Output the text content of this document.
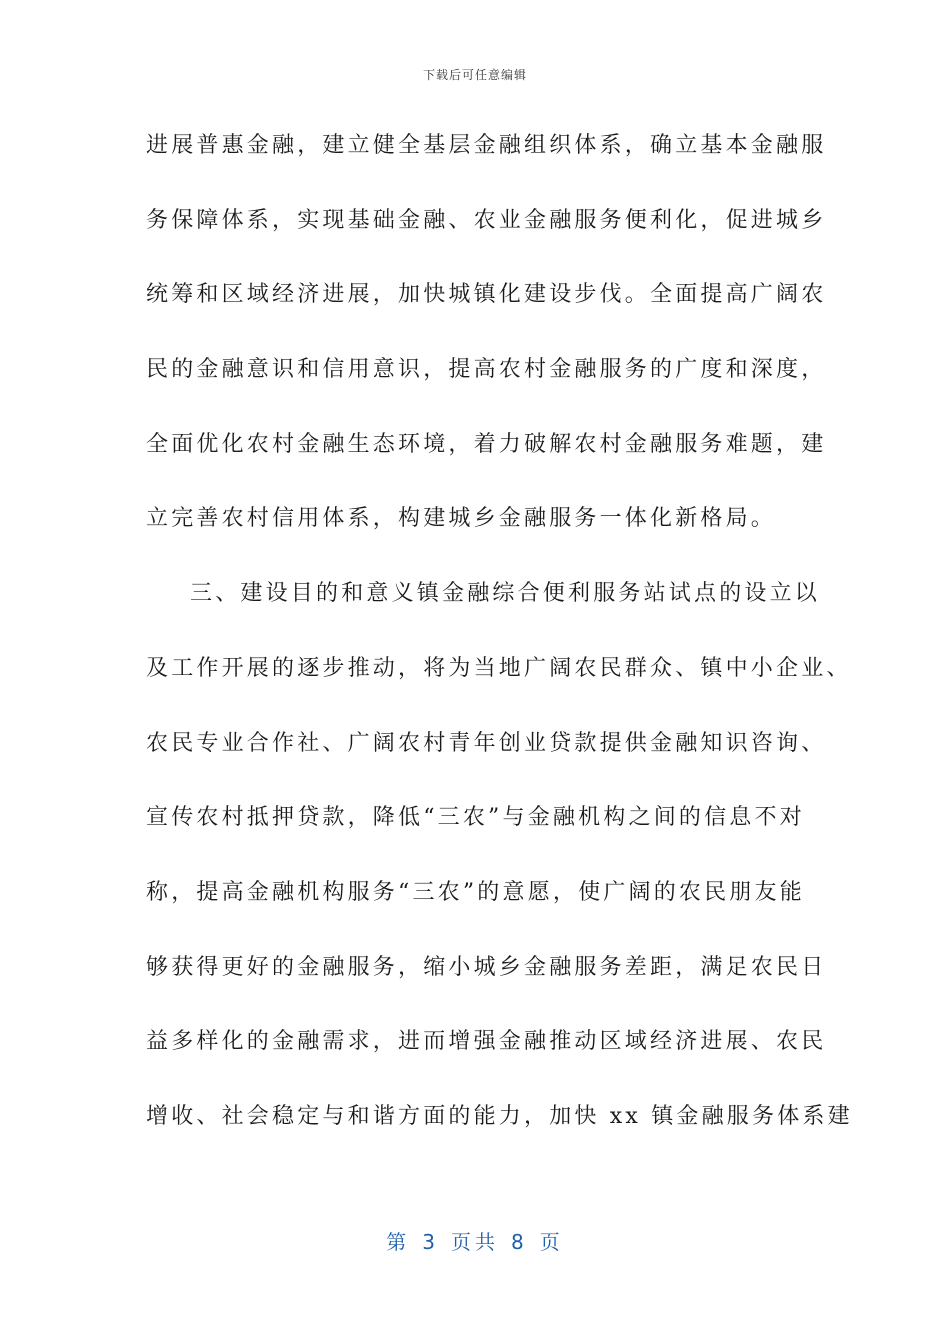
下载后可任意编辑
进展普惠金融，建立健全基层金融组织体系，确立基本金融服
务保障体系，实现基础金融、农业金融服务便利化，促进城乡
统筹和区域经济进展，加快城镇化建设步伐。全面提高广阔农
民的金融意识和信用意识，提高农村金融服务的广度和深度，
全面优化农村金融生态环境，着力破解农村金融服务难题，建
立完善农村信用体系，构建城乡金融服务一体化新格局。
三、建设目的和意义镇金融综合便利服务站试点的设立以
及工作开展的逐步推动，将为当地广阔农民群众、镇中小企业、
农民专业合作社、广阔农村青年创业贷款提供金融知识咨询、
宣传农村抵押贷款，降低“三农”与金融机构之间的信息不对
称，提高金融机构服务“三农”的意愿，使广阔的农民朋友能
够获得更好的金融服务，缩小城乡金融服务差距，满足农民日
益多样化的金融需求，进而增强金融推动区域经济进展、农民
增收、社会稳定与和谐方面的能力，加快 xx 镇金融服务体系建
第 3 页共 8 页
